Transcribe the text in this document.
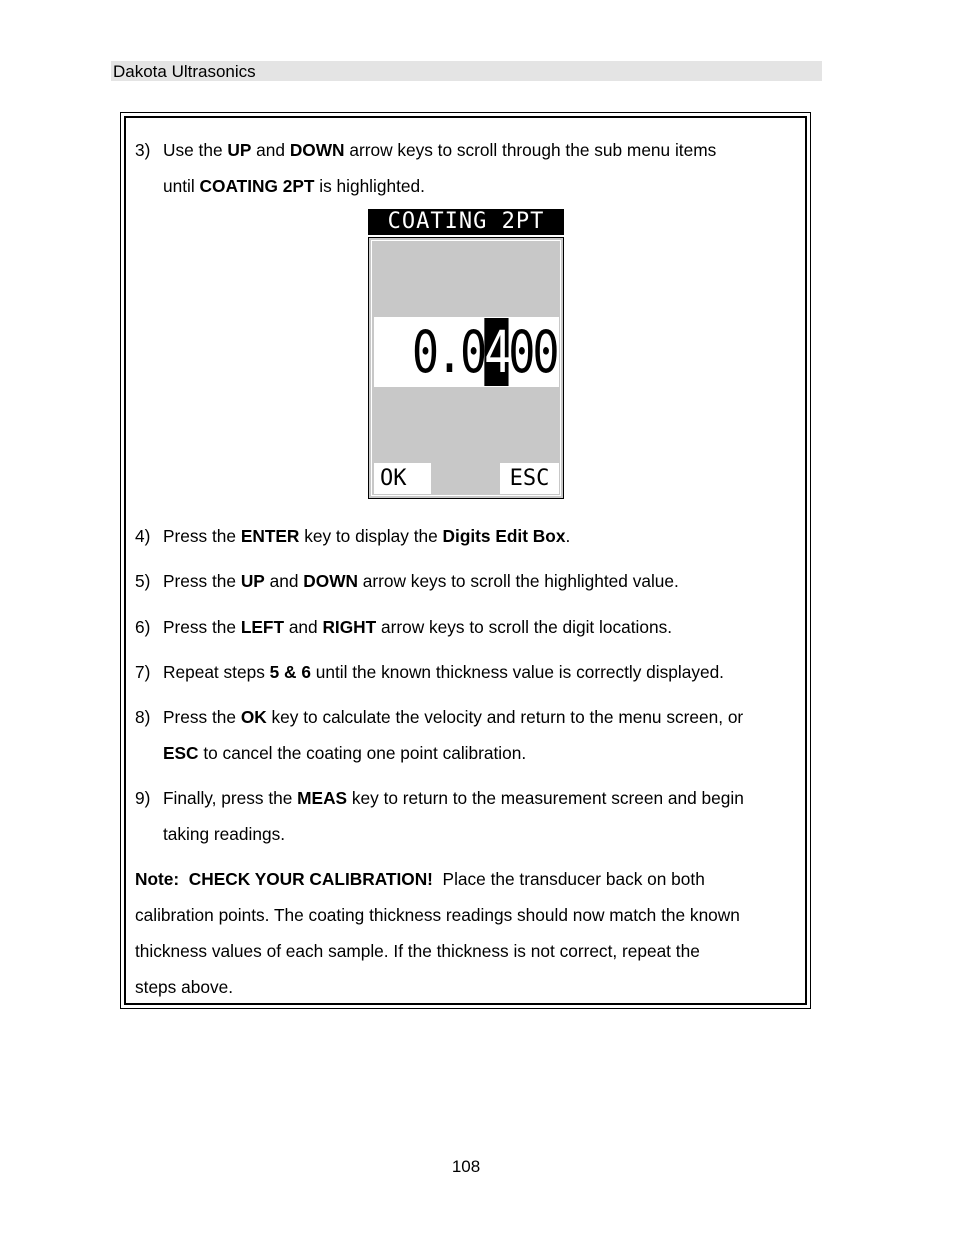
Dakota Ultrasonics
3) Use the UP and DOWN arrow keys to scroll through the sub menu items
until COATING 2PT is highlighted.
COATING 2PT
0.0400
OK	ESC
4) Press the ENTER key to display the Digits Edit Box.
5) Press the UP and DOWN arrow keys to scroll the highlighted value.
6) Press the LEFT and RIGHT arrow keys to scroll the digit locations.
7) Repeat steps 5 & 6 until the known thickness value is correctly displayed.
8) Press the OK key to calculate the velocity and return to the menu screen, or
ESC to cancel the coating one point calibration.
9) Finally, press the MEAS key to return to the measurement screen and begin
taking readings.
Note:  CHECK YOUR CALIBRATION!  Place the transducer back on both
calibration points. The coating thickness readings should now match the known
thickness values of each sample. If the thickness is not correct, repeat the
steps above.
108
